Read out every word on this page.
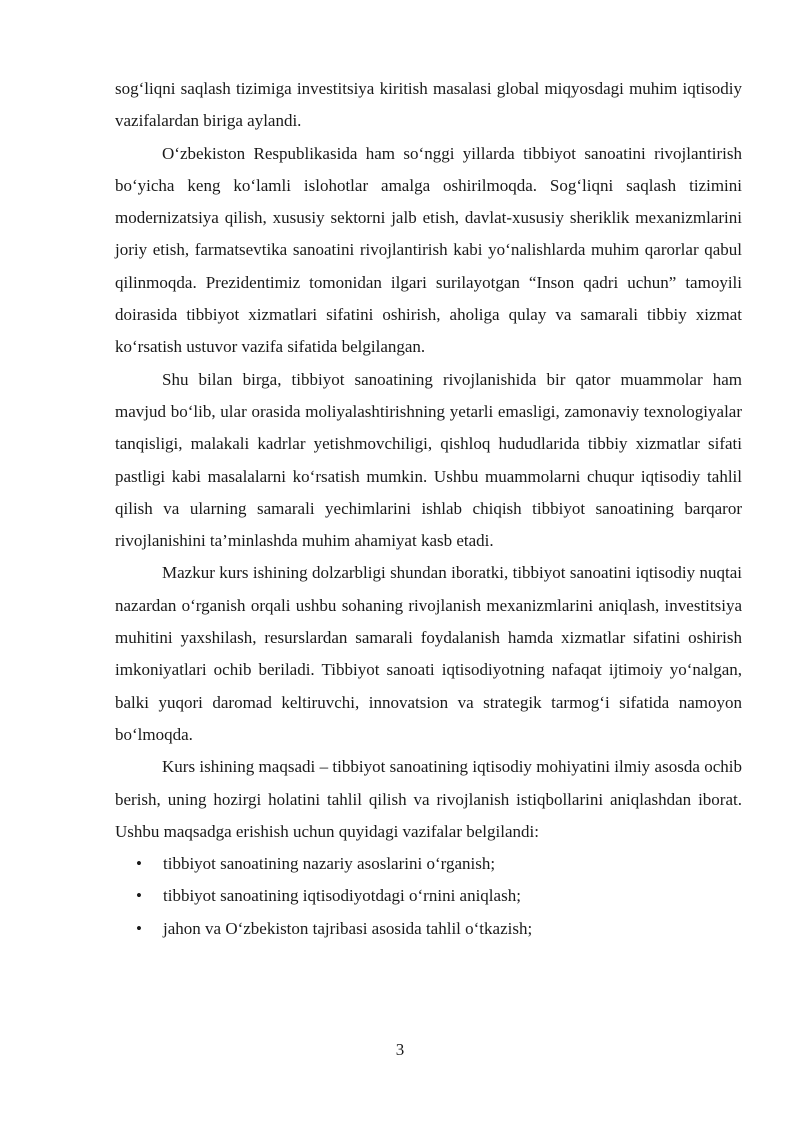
sog‘liqni saqlash tizimiga investitsiya kiritish masalasi global miqyosdagi muhim iqtisodiy vazifalardan biriga aylandi.

O‘zbekiston Respublikasida ham so‘nggi yillarda tibbiyot sanoatini rivojlantirish bo‘yicha keng ko‘lamli islohotlar amalga oshirilmoqda. Sog‘liqni saqlash tizimini modernizatsiya qilish, xususiy sektorni jalb etish, davlat-xususiy sheriklik mexanizmlarini joriy etish, farmatsevtika sanoatini rivojlantirish kabi yo‘nalishlarda muhim qarorlar qabul qilinmoqda. Prezidentimiz tomonidan ilgari surilayotgan “Inson qadri uchun” tamoyili doirasida tibbiyot xizmatlari sifatini oshirish, aholiga qulay va samarali tibbiy xizmat ko‘rsatish ustuvor vazifa sifatida belgilangan.

Shu bilan birga, tibbiyot sanoatining rivojlanishida bir qator muammolar ham mavjud bo‘lib, ular orasida moliyalashtirishning yetarli emasligi, zamonaviy texnologiyalar tanqisligi, malakali kadrlar yetishmovchiligi, qishloq hududlarida tibbiy xizmatlar sifati pastligi kabi masalalarni ko‘rsatish mumkin. Ushbu muammolarni chuqur iqtisodiy tahlil qilish va ularning samarali yechimlarini ishlab chiqish tibbiyot sanoatining barqaror rivojlanishini ta’minlashda muhim ahamiyat kasb etadi.

Mazkur kurs ishining dolzarbligi shundan iboratki, tibbiyot sanoatini iqtisodiy nuqtai nazardan o‘rganish orqali ushbu sohaning rivojlanish mexanizmlarini aniqlash, investitsiya muhitini yaxshilash, resurslardan samarali foydalanish hamda xizmatlar sifatini oshirish imkoniyatlari ochib beriladi. Tibbiyot sanoati iqtisodiyotning nafaqat ijtimoiy yo‘nalgan, balki yuqori daromad keltiruvchi, innovatsion va strategik tarmog‘i sifatida namoyon bo‘lmoqda.

Kurs ishining maqsadi – tibbiyot sanoatining iqtisodiy mohiyatini ilmiy asosda ochib berish, uning hozirgi holatini tahlil qilish va rivojlanish istiqbollarini aniqlashdan iborat. Ushbu maqsadga erishish uchun quyidagi vazifalar belgilandi:

• tibbiyot sanoatining nazariy asoslarini o‘rganish;
• tibbiyot sanoatining iqtisodiyotdagi o‘rnini aniqlash;
• jahon va O‘zbekiston tajribasi asosida tahlil o‘tkazish;
3
